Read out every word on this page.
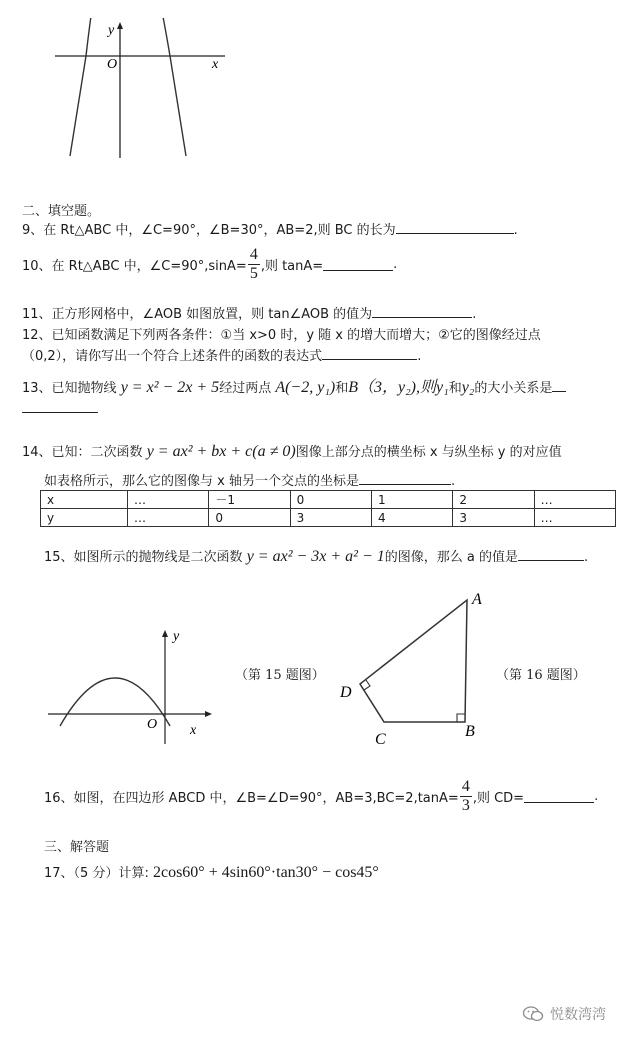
y
O	x
二、填空题。
9、在 Rt△ABC 中，∠C=90°，∠B=30°，AB=2,则 BC 的长为	.
10、在 Rt△ABC 中，∠C=90°,sinA= $\frac{4}{5}$ ,则 tanA=	.
11、正方形网格中，∠AOB 如图放置，则 tan∠AOB 的值为	.
12、已知函数满足下列两各条件：①当 x>0 时，y 随 x 的增大而增大；②它的图像经过点
（0,2），请你写出一个符合上述条件的函数的表达式	.
13、已知抛物线 y = x² − 2x + 5经过两点 A(−2, y₁)和B（3，y₂),则y₁和y₂的大小关系是
14、已知：二次函数 y = ax² + bx + c(a ≠ 0)图像上部分点的横坐标 x 与纵坐标 y 的对应值
如表格所示，那么它的图像与 x 轴另一个交点的坐标是	.
x	…	－1	0	1	2	…
y	…	0	3	4	3	…
15、如图所示的抛物线是二次函数 y = ax² − 3x + a² − 1的图像，那么 a 的值是	.
y
O x
（第 15 题图）
A
B
C
D
（第 16 题图）
16、如图，在四边形 ABCD 中，∠B=∠D=90°，$AB=3,BC=2,\tan A= \frac{4}{3}$ ,则 CD=	.
三、解答题
17、（5 分）计算: 2cos60° + 4sin60°·tan30° − cos45°
悦数湾湾
